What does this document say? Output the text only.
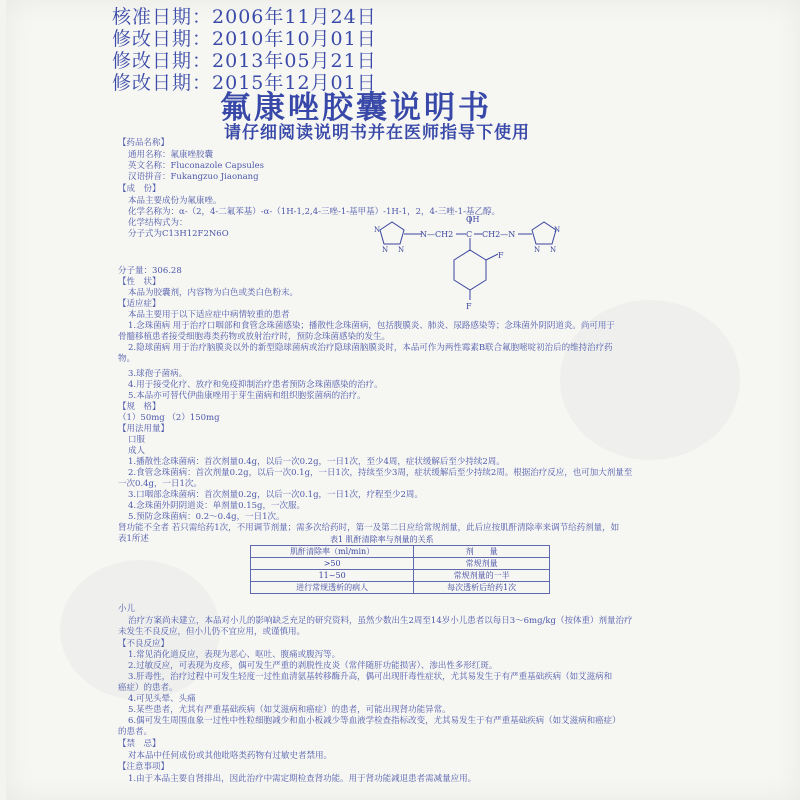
核准日期：2006年11月24日
修改日期：2010年10月01日
修改日期：2013年05月21日
修改日期：2015年12月01日
氟康唑胶囊说明书
请仔细阅读说明书并在医师指导下使用
【药品名称】
通用名称：氟康唑胶囊
英文名称：Fluconazole Capsules
汉语拼音：Fukangzuo Jiaonang
【成　份】
本品主要成份为氟康唑。
化学名称为：α-（2，4-二氟苯基）-α-（1H-1,2,4-三唑-1-基甲基）-1H-1，2，4-三唑-1-基乙醇。
化学结构式为：
分子式为C13H12F2N6O
分子量：306.28
【性　状】
本品为胶囊剂，内容物为白色或类白色粉末。
【适应症】
本品主要用于以下适应症中病情较重的患者
1.念珠菌病 用于治疗口咽部和食管念珠菌感染；播散性念珠菌病，包括腹膜炎、肺炎、尿路感染等；念珠菌外阴阴道炎。尚可用于
骨髓移植患者接受细胞毒类药物或放射治疗时，预防念珠菌感染的发生。
2.隐球菌病 用于治疗脑膜炎以外的新型隐球菌病或治疗隐球菌脑膜炎时，本品可作为两性霉素B联合氟胞嘧啶初治后的维持治疗药
物。
3.球孢子菌病。
4.用于接受化疗、放疗和免疫抑制治疗患者预防念珠菌感染的治疗。
5.本品亦可替代伊曲康唑用于芽生菌病和组织胞浆菌病的治疗。
【规　格】
（1）50mg （2）150mg
【用法用量】
口服
成人
1.播散性念珠菌病：首次剂量0.4g，以后一次0.2g，一日1次，至少4周，症状缓解后至少持续2周。
2.食管念珠菌病：首次剂量0.2g，以后一次0.1g，一日1次，持续至少3周，症状缓解后至少持续2周。根据治疗反应，也可加大剂量至
一次0.4g，一日1次。
3.口咽部念珠菌病：首次剂量0.2g，以后一次0.1g，一日1次，疗程至少2周。
4.念珠菌外阴阴道炎：单剂量0.15g，一次服。
5.预防念珠菌病：0.2～0.4g，一日1次。
肾功能不全者 若只需给药1次，不用调节剂量；需多次给药时，第一及第二日应给常规剂量，此后应按肌酐清除率来调节给药剂量，如
表1所述
小儿
治疗方案尚未建立，本品对小儿的影响缺乏充足的研究资料，虽然少数出生2周至14岁小儿患者以每日3～6mg/kg（按体重）剂量治疗
未发生不良反应，但小儿仍不宜应用，或谨慎用。
【不良反应】
1.常见消化道反应，表现为恶心、呕吐、腹痛或腹泻等。
2.过敏反应，可表现为皮疹，偶可发生严重的剥脱性皮炎（常伴随肝功能损害）、渗出性多形红斑。
3.肝毒性，治疗过程中可发生轻度一过性血清氨基转移酶升高，偶可出现肝毒性症状，尤其易发生于有严重基础疾病（如艾滋病和
癌症）的患者。
4.可见头晕、头痛
5.某些患者，尤其有严重基础疾病（如艾滋病和癌症）的患者，可能出现肾功能异常。
6.偶可发生周围血象一过性中性粒细胞减少和血小板减少等血液学检查指标改变，尤其易发生于有严重基础疾病（如艾滋病和癌症）
的患者。
【禁　忌】
对本品中任何成份或其他吡咯类药物有过敏史者禁用。
【注意事项】
1.由于本品主要自肾排出，因此治疗中需定期检查肾功能。用于肾功能减退患者需减量应用。
OH
F
F
N
N N
N
N N
N—CH2 C CH2—N
表1 肌酐清除率与剂量的关系
肌酐清除率（ml/min）	剂　　量
>50	常规剂量
11~50	常规剂量的一半
进行常规透析的病人	每次透析后给药1次
